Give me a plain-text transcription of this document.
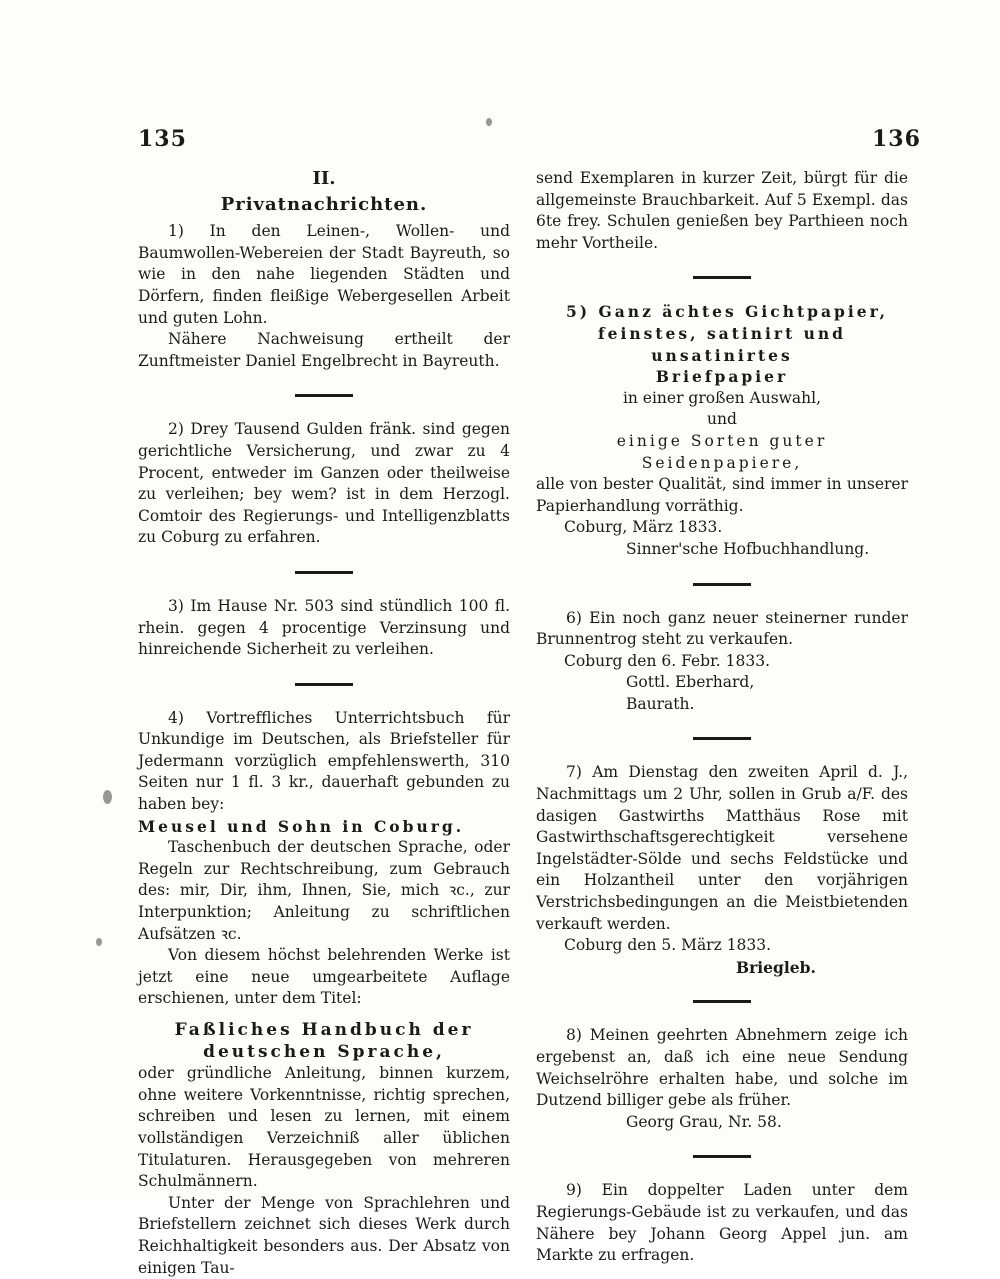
135	136
II.
Privatnachrichten.

1) In den Leinen-, Wollen- und Baumwollen-Webereien der Stadt Bayreuth, so wie in den nahe liegenden Städten und Dörfern, finden fleißige Webergesellen Arbeit und guten Lohn.

Nähere Nachweisung ertheilt der Zunftmeister Daniel Engelbrecht in Bayreuth.

2) Drey Tausend Gulden fränk. sind gegen gerichtliche Versicherung, und zwar zu 4 Procent, entweder im Ganzen oder theilweise zu verleihen; bey wem? ist in dem Herzogl. Comtoir des Regierungs- und Intelligenzblatts zu Coburg zu erfahren.

3) Im Hause Nr. 503 sind stündlich 100 fl. rhein. gegen 4 procentige Verzinsung und hinreichende Sicherheit zu verleihen.

4) Vortreffliches Unterrichtsbuch für Unkundige im Deutschen, als Briefsteller für Jedermann vorzüglich empfehlenswerth, 310 Seiten nur 1 fl. 3 kr., dauerhaft gebunden zu haben bey:

Meusel und Sohn in Coburg.

Taschenbuch der deutschen Sprache, oder Regeln zur Rechtschreibung, zum Gebrauch des: mir, Dir, ihm, Ihnen, Sie, mich ꝛc., zur Interpunktion; Anleitung zu schriftlichen Aufsätzen ꝛc.

Von diesem höchst belehrenden Werke ist jetzt eine neue umgearbeitete Auflage erschienen, unter dem Titel:

Faßliches Handbuch der deutschen Sprache,

oder gründliche Anleitung, binnen kurzem, ohne weitere Vorkenntnisse, richtig sprechen, schreiben und lesen zu lernen, mit einem vollständigen Verzeichniß aller üblichen Titulaturen. Herausgegeben von mehreren Schulmännern.

Unter der Menge von Sprachlehren und Briefstellern zeichnet sich dieses Werk durch Reichhaltigkeit besonders aus. Der Absatz von einigen Tau-

send Exemplaren in kurzer Zeit, bürgt für die allgemeinste Brauchbarkeit. Auf 5 Exempl. das 6te frey. Schulen genießen bey Parthieen noch mehr Vortheile.

5) Ganz ächtes Gichtpapier,

feinstes, satinirt und unsatinirtes

Briefpapier

in einer großen Auswahl,

und

einige Sorten guter Seidenpapiere,

alle von bester Qualität, sind immer in unserer Papierhandlung vorräthig.

Coburg, März 1833.

Sinner'sche Hofbuchhandlung.

6) Ein noch ganz neuer steinerner runder Brunnentrog steht zu verkaufen.

Coburg den 6. Febr. 1833.

Gottl. Eberhard,

Baurath.

7) Am Dienstag den zweiten April d. J., Nachmittags um 2 Uhr, sollen in Grub a/F. des dasigen Gastwirths Matthäus Rose mit Gastwirthschaftsgerechtigkeit versehene Ingelstädter-Sölde und sechs Feldstücke und ein Holzantheil unter den vorjährigen Verstrichsbedingungen an die Meistbietenden verkauft werden.

Coburg den 5. März 1833.

Briegleb.

8) Meinen geehrten Abnehmern zeige ich ergebenst an, daß ich eine neue Sendung Weichselröhre erhalten habe, und solche im Dutzend billiger gebe als früher.

Georg Grau, Nr. 58.

9) Ein doppelter Laden unter dem Regierungs-Gebäude ist zu verkaufen, und das Nähere bey Johann Georg Appel jun. am Markte zu erfragen.
